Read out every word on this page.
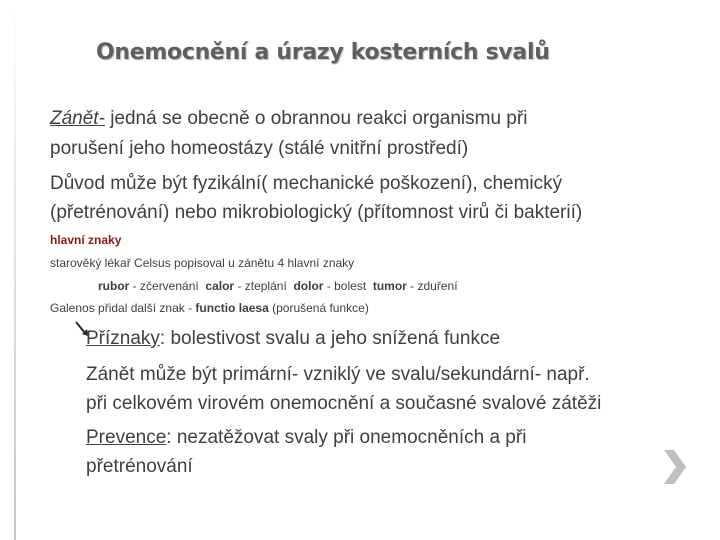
Onemocnění a úrazy kosterních svalů

Zánět- jedná se obecně o obrannou reakci organismu při

porušení jeho homeostázy (stálé vnitřní prostředí)

Důvod může být fyzikální( mechanické poškození), chemický

(přetrénování) nebo mikrobiologický (přítomnost virů či bakterií)

hlavní znaky

starověký lékař Celsus popisoval u zánětu 4 hlavní znaky

rubor - zčervenání calor - zteplání dolor - bolest tumor - zduření

Galenos přidal další znak - functio laesa (porušená funkce)

Příznaky: bolestivost svalu a jeho snížená funkce

Zánět může být primární- vzniklý ve svalu/sekundární- např.

při celkovém virovém onemocnění a současné svalové zátěži

Prevence: nezatěžovat svaly při onemocněních a při

přetrénování
